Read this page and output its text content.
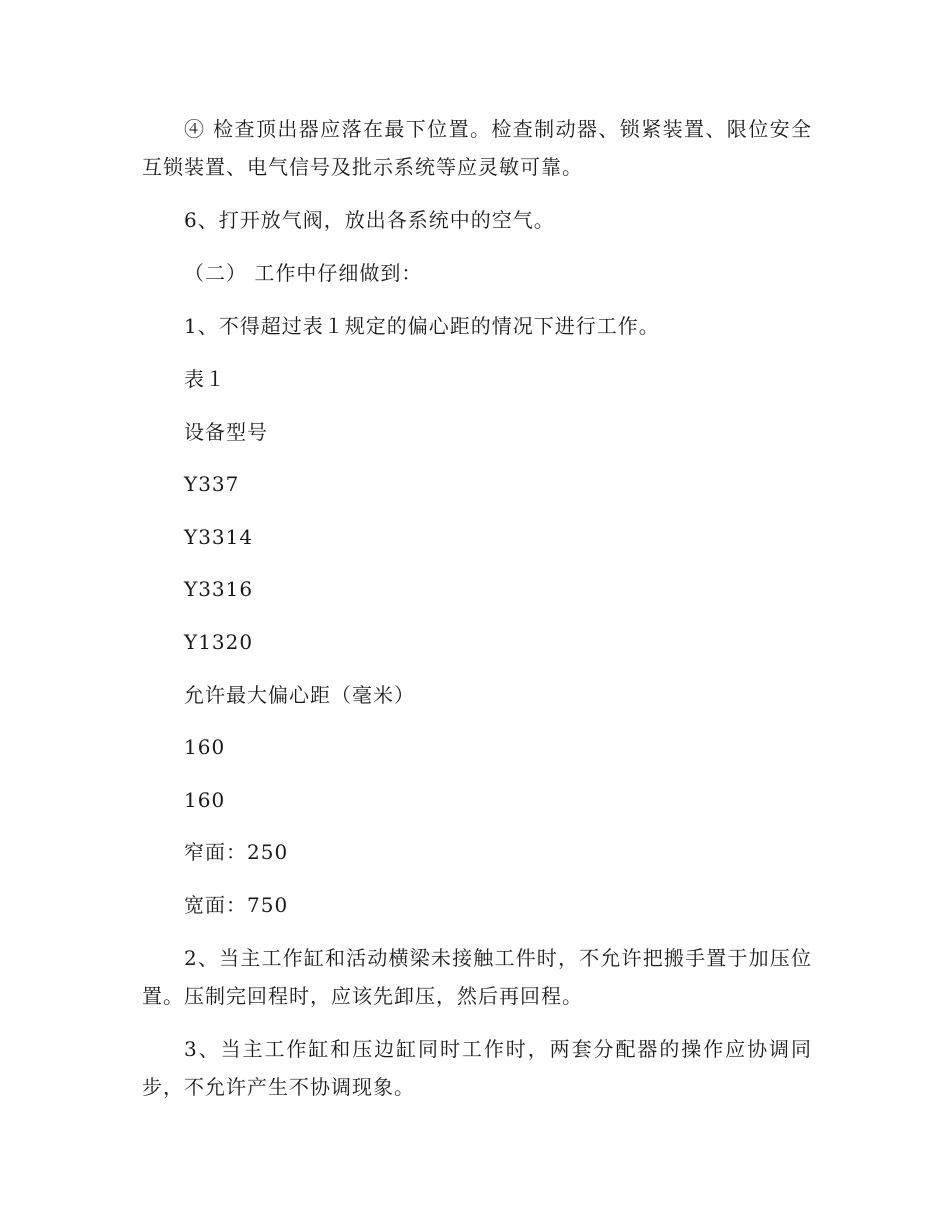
④ 检查顶出器应落在最下位置。检查制动器、锁紧装置、限位安全互锁装置、电气信号及批示系统等应灵敏可靠。

6、打开放气阀，放出各系统中的空气。

（二） 工作中仔细做到：

1、不得超过表１规定的偏心距的情况下进行工作。

表１

设备型号

Y337

Y3314

Y3316

Y1320

允许最大偏心距（毫米）

160

160

窄面：250

宽面：750

2、当主工作缸和活动横梁未接触工件时，不允许把搬手置于加压位置。压制完回程时，应该先卸压，然后再回程。

3、当主工作缸和压边缸同时工作时，两套分配器的操作应协调同步，不允许产生不协调现象。
